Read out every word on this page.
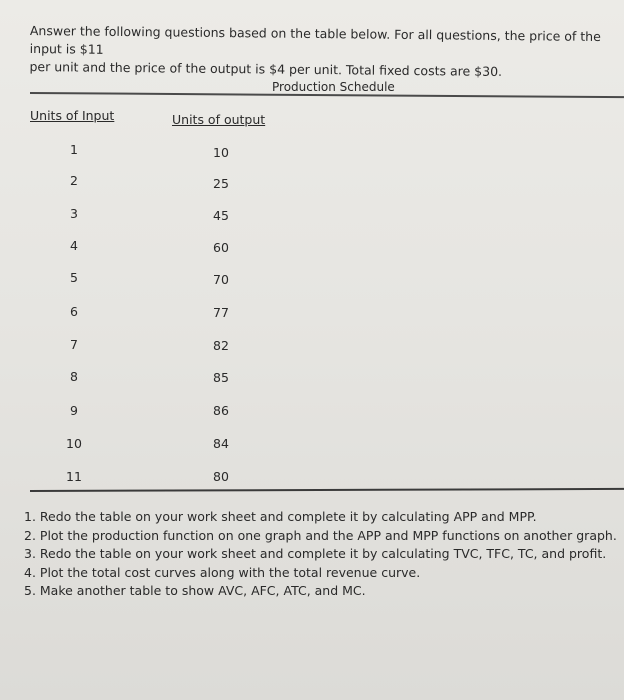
Answer the following questions based on the table below. For all questions, the price of the input is $11
per unit and the price of the output is $4 per unit. Total fixed costs are $30.
Production Schedule
Units of Input	Units of output
1	10
2	25
3	45
4	60
5	70
6	77
7	82
8	85
9	86
10	84
11	80
1. Redo the table on your work sheet and complete it by calculating APP and MPP.
2. Plot the production function on one graph and the APP and MPP functions on another graph.
3. Redo the table on your work sheet and complete it by calculating TVC, TFC, TC, and profit.
4. Plot the total cost curves along with the total revenue curve.
5. Make another table to show AVC, AFC, ATC, and MC.
